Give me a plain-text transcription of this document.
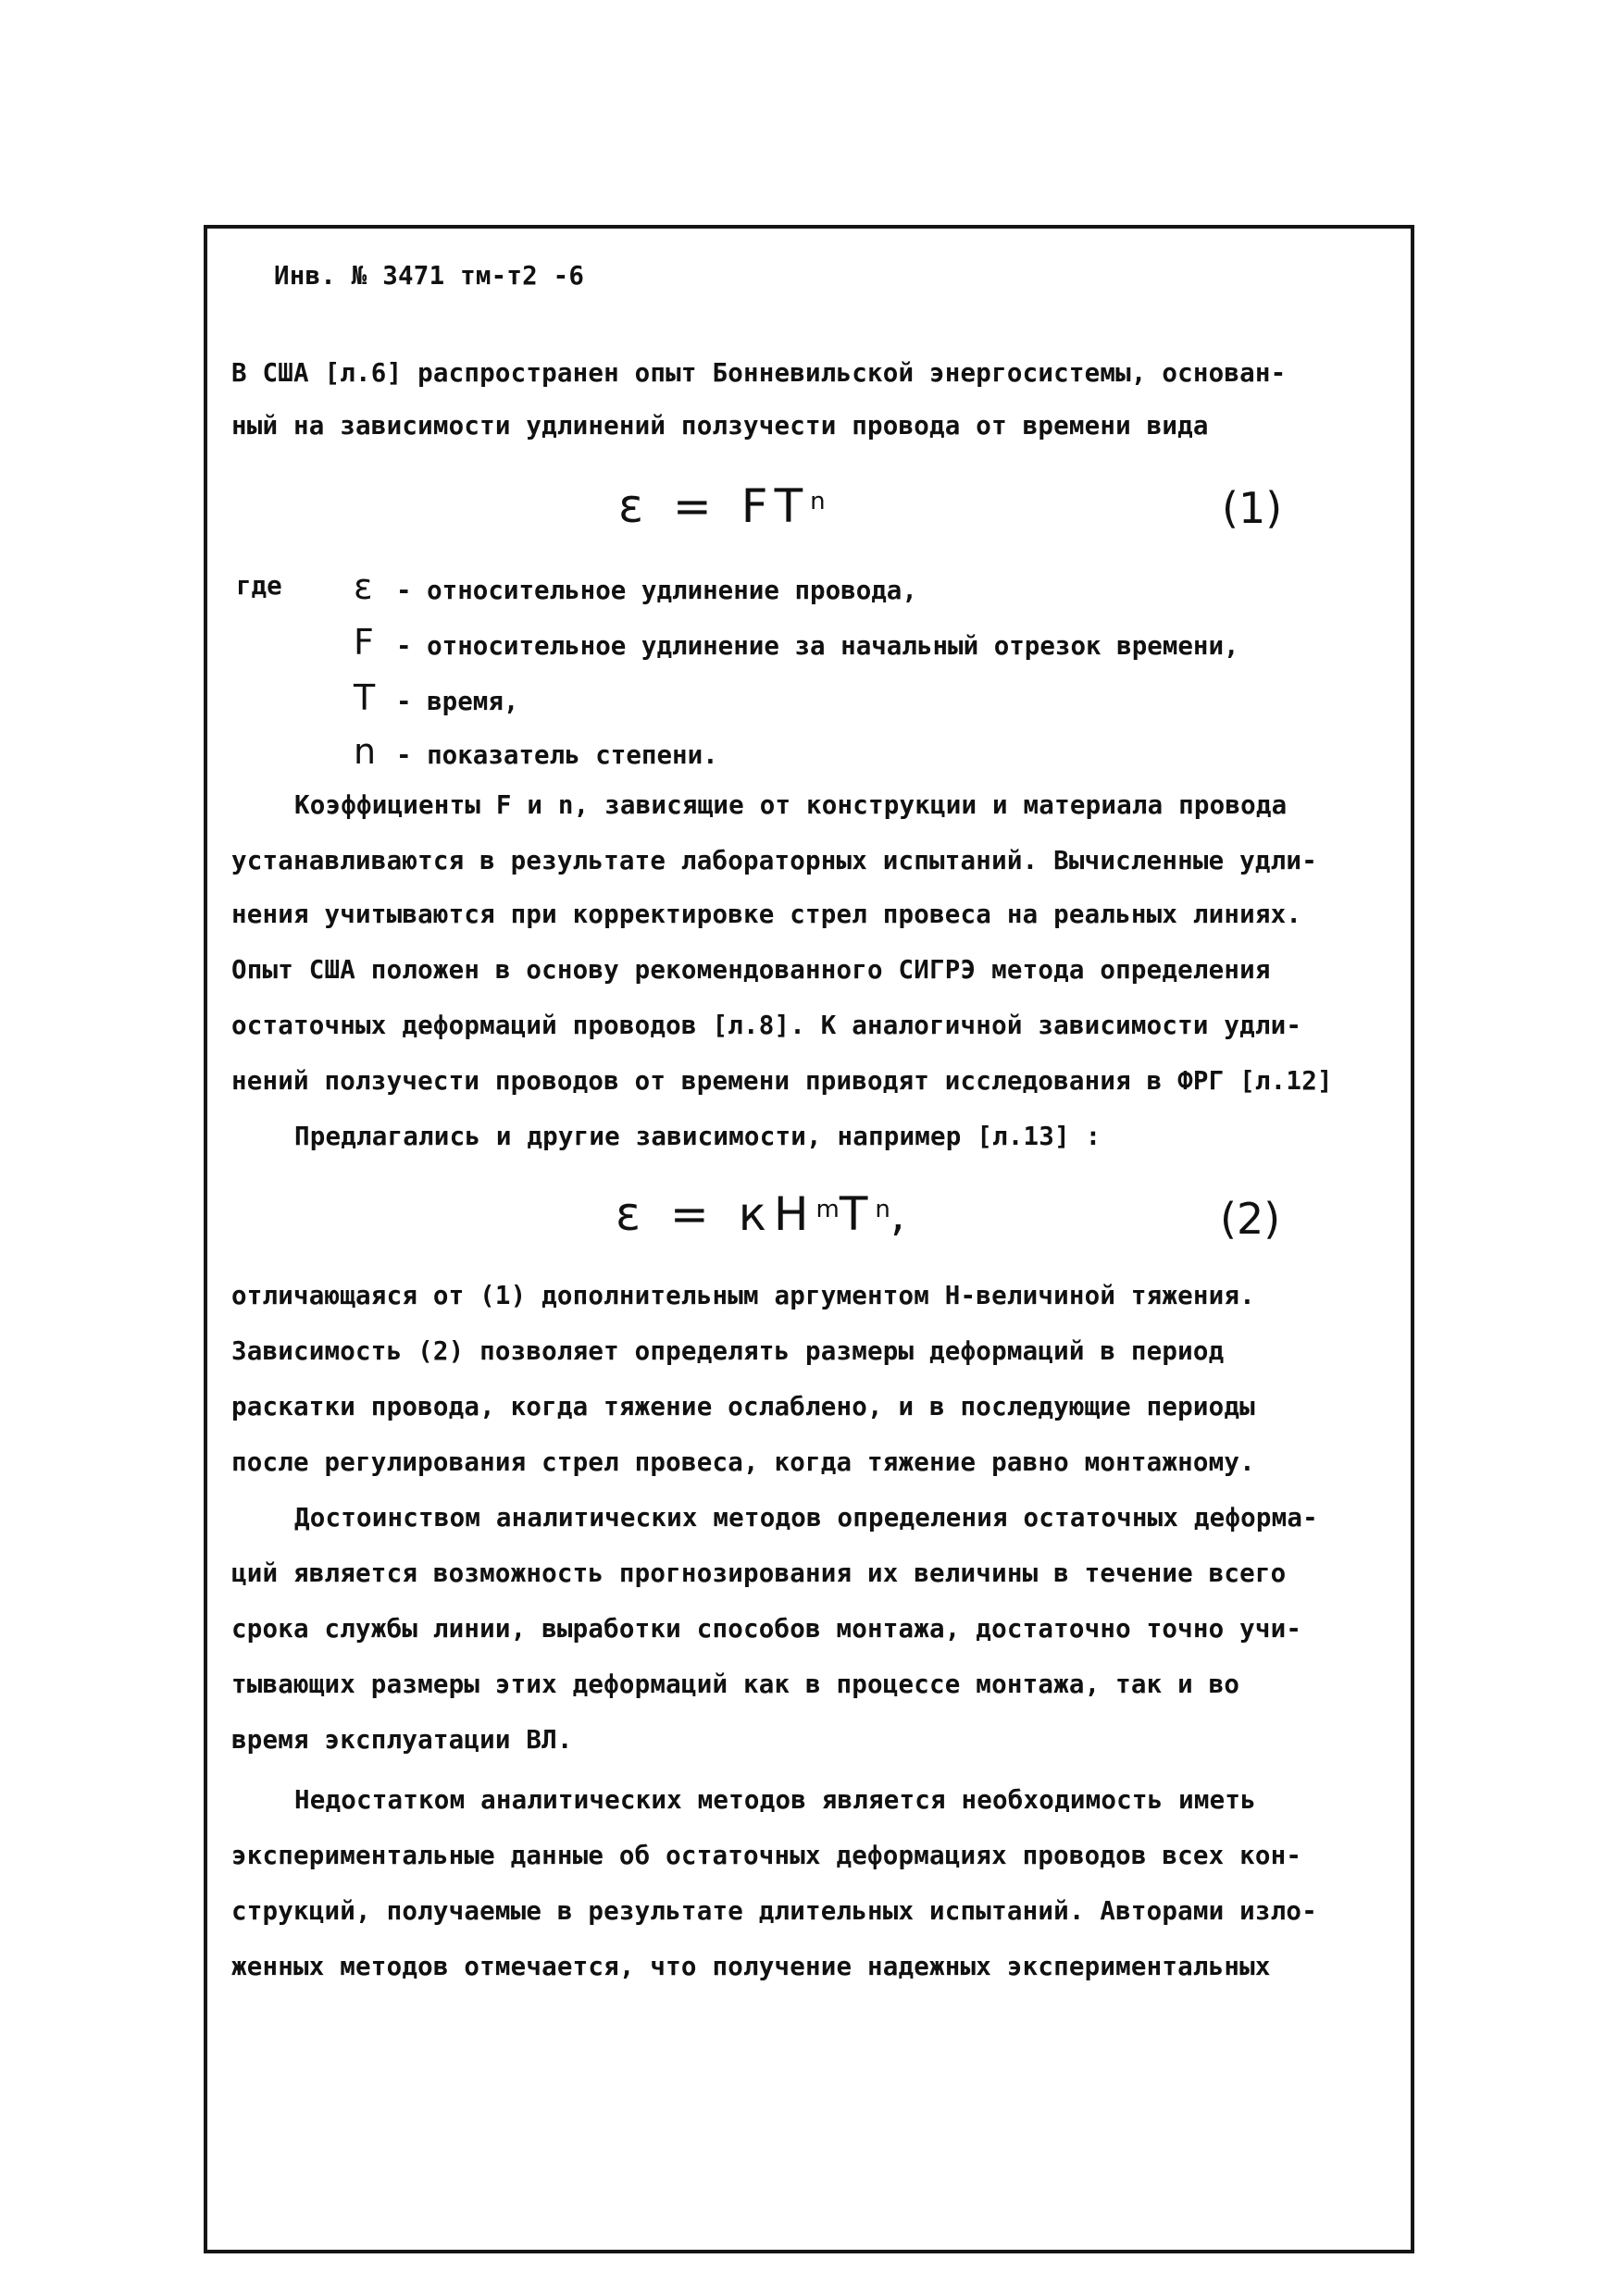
Инв. № 3471 тм-т2 -6
В США [л.6] распространен опыт Бонневильской энергосистемы, основан-
ный на зависимости удлинений ползучести провода от времени вида
$\varepsilon = FT^n$	(1)
где ε - относительное удлинение провода,
F - относительное удлинение за начальный отрезок времени,
T - время,
n - показатель степени.
Коэффициенты F и n, зависящие от конструкции и материала провода
устанавливаются в результате лабораторных испытаний. Вычисленные удли-
нения учитываются при корректировке стрел провеса на реальных линиях.
Опыт США положен в основу рекомендованного СИГРЭ метода определения
остаточных деформаций проводов [л.8]. К аналогичной зависимости удли-
нений ползучести проводов от времени приводят исследования в ФРГ [л.12]
Предлагались и другие зависимости, например [л.13] :
$\varepsilon = кH^mT^n$,	(2)
отличающаяся от (1) дополнительным аргументом H-величиной тяжения.
Зависимость (2) позволяет определять размеры деформаций в период
раскатки провода, когда тяжение ослаблено, и в последующие периоды
после регулирования стрел провеса, когда тяжение равно монтажному.
Достоинством аналитических методов определения остаточных деформа-
ций является возможность прогнозирования их величины в течение всего
срока службы линии, выработки способов монтажа, достаточно точно учи-
тывающих размеры этих деформаций как в процессе монтажа, так и во
время эксплуатации ВЛ.
Недостатком аналитических методов является необходимость иметь
экспериментальные данные об остаточных деформациях проводов всех кон-
струкций, получаемые в результате длительных испытаний. Авторами изло-
женных методов отмечается, что получение надежных экспериментальных
